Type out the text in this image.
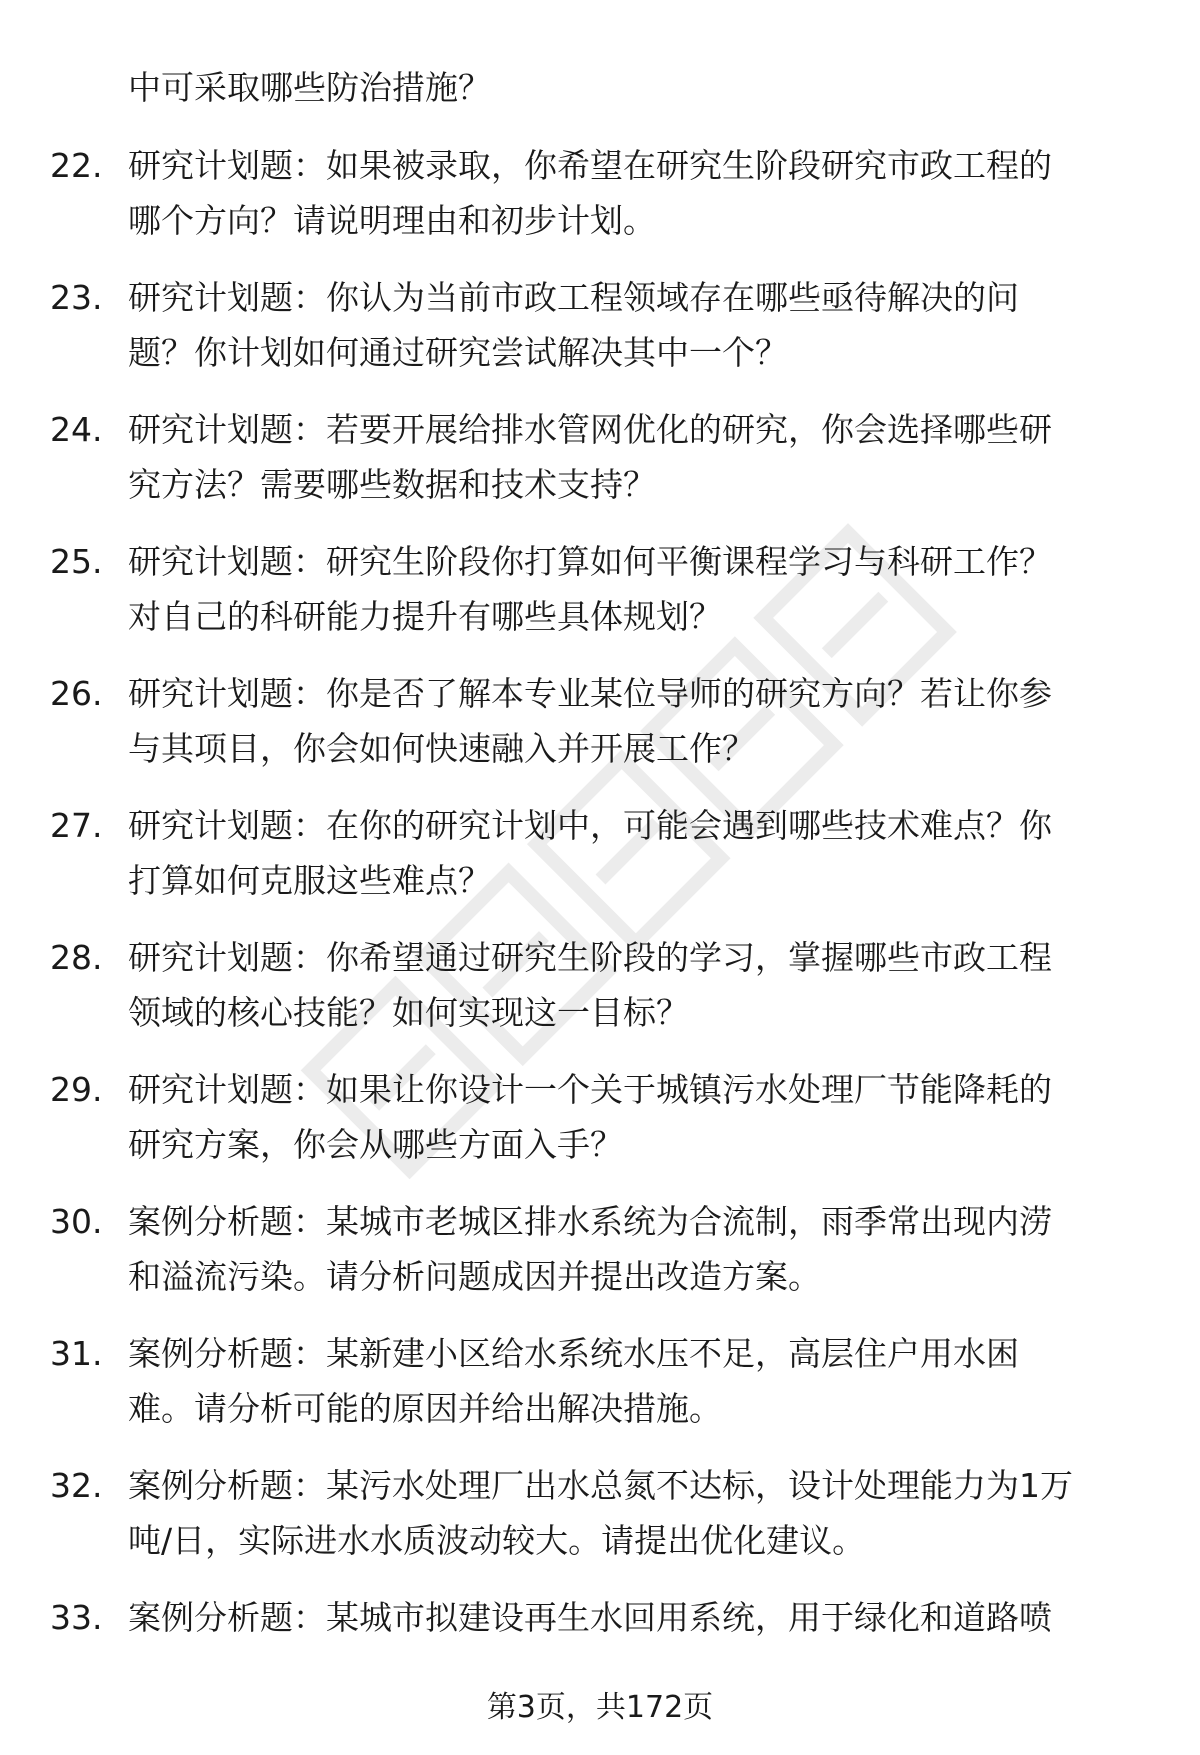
中可采取哪些防治措施？
22. 研究计划题：如果被录取，你希望在研究生阶段研究市政工程的
哪个方向？请说明理由和初步计划。
23. 研究计划题：你认为当前市政工程领域存在哪些亟待解决的问
题？你计划如何通过研究尝试解决其中一个？
24. 研究计划题：若要开展给排水管网优化的研究，你会选择哪些研
究方法？需要哪些数据和技术支持？
25. 研究计划题：研究生阶段你打算如何平衡课程学习与科研工作？
对自己的科研能力提升有哪些具体规划？
26. 研究计划题：你是否了解本专业某位导师的研究方向？若让你参
与其项目，你会如何快速融入并开展工作？
27. 研究计划题：在你的研究计划中，可能会遇到哪些技术难点？你
打算如何克服这些难点？
28. 研究计划题：你希望通过研究生阶段的学习，掌握哪些市政工程
领域的核心技能？如何实现这一目标？
29. 研究计划题：如果让你设计一个关于城镇污水处理厂节能降耗的
研究方案，你会从哪些方面入手？
30. 案例分析题：某城市老城区排水系统为合流制，雨季常出现内涝
和溢流污染。请分析问题成因并提出改造方案。
31. 案例分析题：某新建小区给水系统水压不足，高层住户用水困
难。请分析可能的原因并给出解决措施。
32. 案例分析题：某污水处理厂出水总氮不达标，设计处理能力为1万
吨/日，实际进水水质波动较大。请提出优化建议。
33. 案例分析题：某城市拟建设再生水回用系统，用于绿化和道路喷
第3页，共172页
